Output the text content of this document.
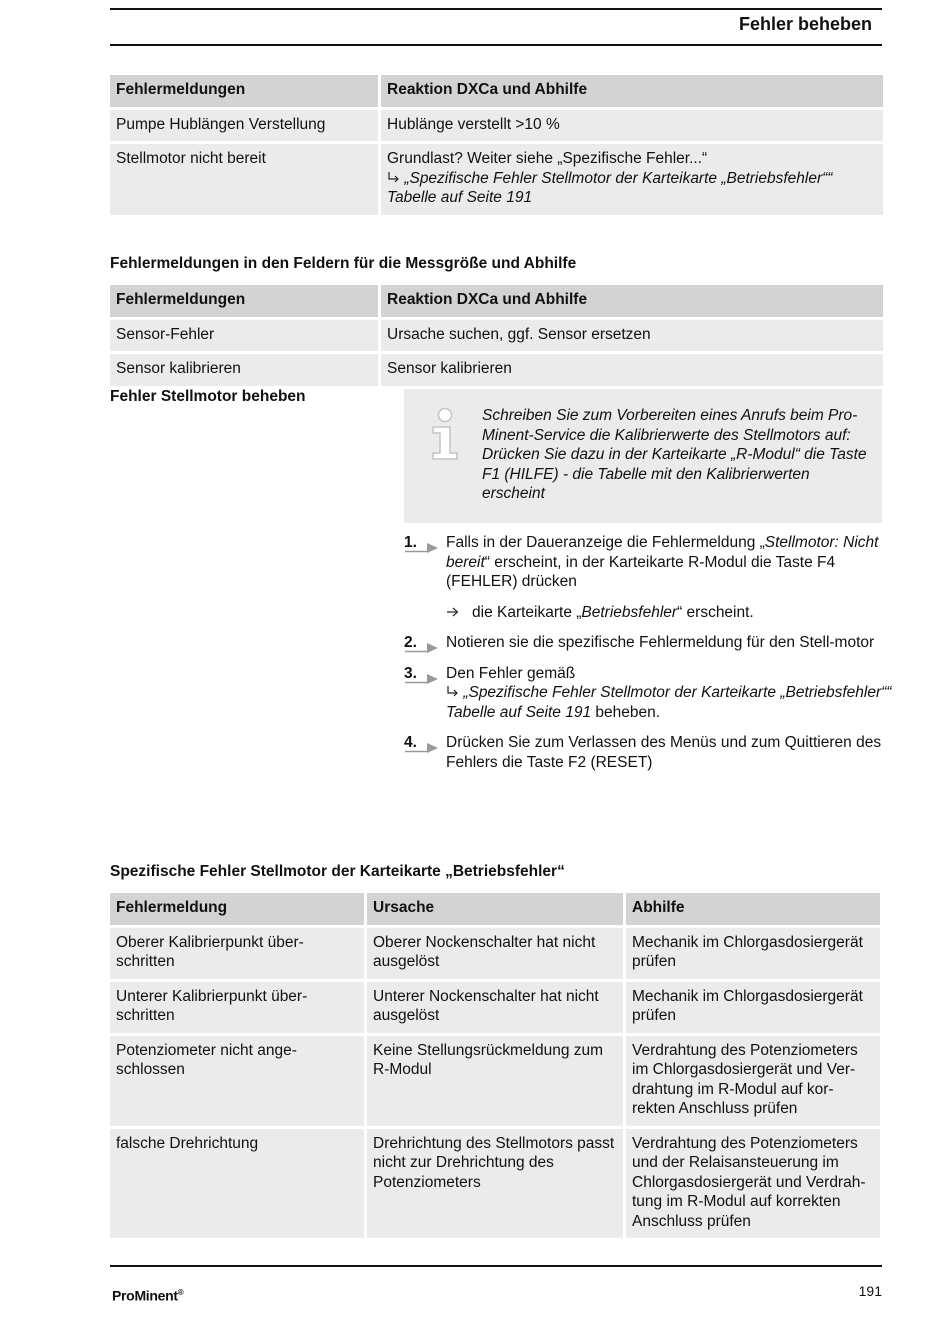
Fehler beheben
Fehlermeldungen	Reaktion DXCa und Abhilfe
Pumpe Hublängen Verstellung	Hublänge verstellt >10 %
Stellmotor nicht bereit	Grundlast? Weiter siehe „Spezifische Fehler...“
„Spezifische Fehler Stellmotor der Karteikarte „Betriebsfehler““ Tabelle auf Seite 191
Fehlermeldungen in den Feldern für die Messgröße und Abhilfe
Fehlermeldungen	Reaktion DXCa und Abhilfe
Sensor-Fehler	Ursache suchen, ggf. Sensor ersetzen
Sensor kalibrieren	Sensor kalibrieren
Fehler Stellmotor beheben
Schreiben Sie zum Vorbereiten eines Anrufs beim Pro-Minent-Service die Kalibrierwerte des Stellmotors auf: Drücken Sie dazu in der Karteikarte „R-Modul“ die Taste F1 (HILFE) - die Tabelle mit den Kalibrierwerten erscheint
1. Falls in der Daueranzeige die Fehlermeldung „Stellmotor: Nicht bereit“ erscheint, in der Karteikarte R-Modul die Taste F4 (FEHLER) drücken
die Karteikarte „Betriebsfehler“ erscheint.
2. Notieren sie die spezifische Fehlermeldung für den Stell-motor
3. Den Fehler gemäß
„Spezifische Fehler Stellmotor der Karteikarte „Betriebsfehler““ Tabelle auf Seite 191 beheben.
4. Drücken Sie zum Verlassen des Menüs und zum Quittieren des Fehlers die Taste F2 (RESET)
Spezifische Fehler Stellmotor der Karteikarte „Betriebsfehler“
Fehlermeldung	Ursache	Abhilfe
Oberer Kalibrierpunkt über-schritten	Oberer Nockenschalter hat nicht ausgelöst	Mechanik im Chlorgasdosiergerät prüfen
Unterer Kalibrierpunkt über-schritten	Unterer Nockenschalter hat nicht ausgelöst	Mechanik im Chlorgasdosiergerät prüfen
Potenziometer nicht ange-schlossen	Keine Stellungsrückmeldung zum R-Modul	Verdrahtung des Potenziometers im Chlorgasdosiergerät und Ver-drahtung im R-Modul auf kor-rekten Anschluss prüfen
falsche Drehrichtung	Drehrichtung des Stellmotors passt nicht zur Drehrichtung des Potenziometers	Verdrahtung des Potenziometers und der Relaisansteuerung im Chlorgasdosiergerät und Verdrah-tung im R-Modul auf korrekten Anschluss prüfen
ProMinent®	191
